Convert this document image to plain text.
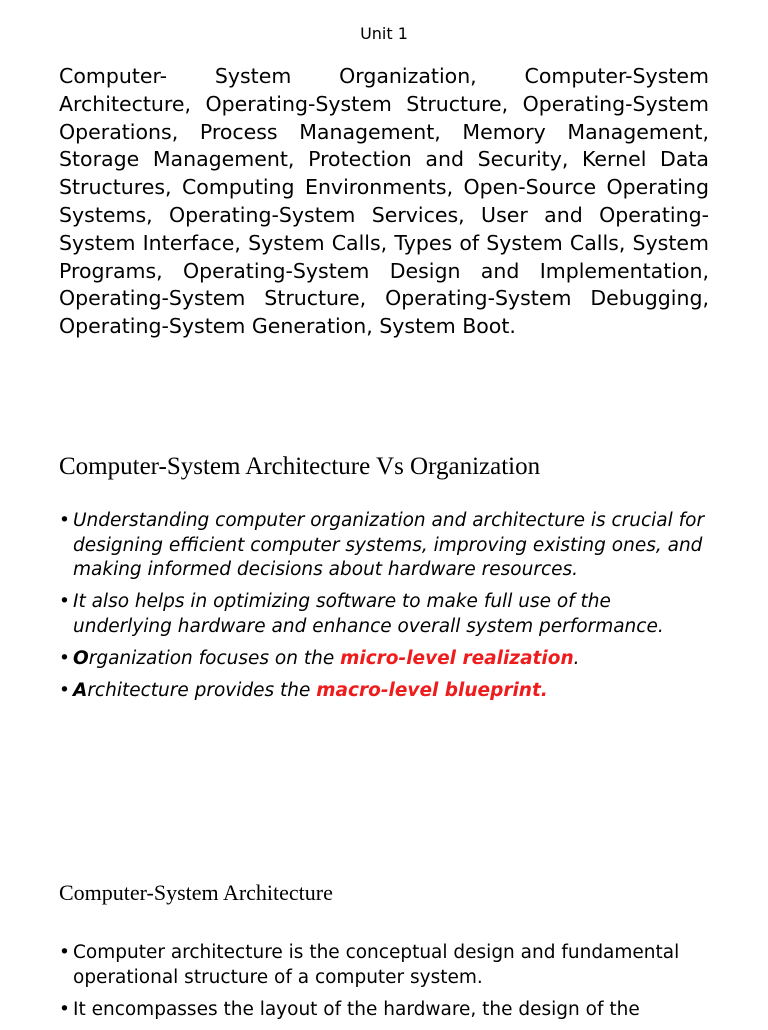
Unit 1
Computer- System Organization, Computer-System Architecture, Operating-System Structure, Operating-System Operations, Process Management, Memory Management, Storage Management, Protection and Security, Kernel Data Structures, Computing Environments, Open-Source Operating Systems, Operating-System Services, User and Operating-System Interface, System Calls, Types of System Calls, System Programs, Operating-System Design and Implementation, Operating-System Structure, Operating-System Debugging, Operating-System Generation, System Boot.
Computer-System Architecture Vs Organization
• Understanding computer organization and architecture is crucial for designing efficient computer systems, improving existing ones, and making informed decisions about hardware resources.
• It also helps in optimizing software to make full use of the underlying hardware and enhance overall system performance.
• Organization focuses on the micro-level realization.
• Architecture provides the macro-level blueprint.
Computer-System Architecture
• Computer architecture is the conceptual design and fundamental operational structure of a computer system.
• It encompasses the layout of the hardware, the design of the
